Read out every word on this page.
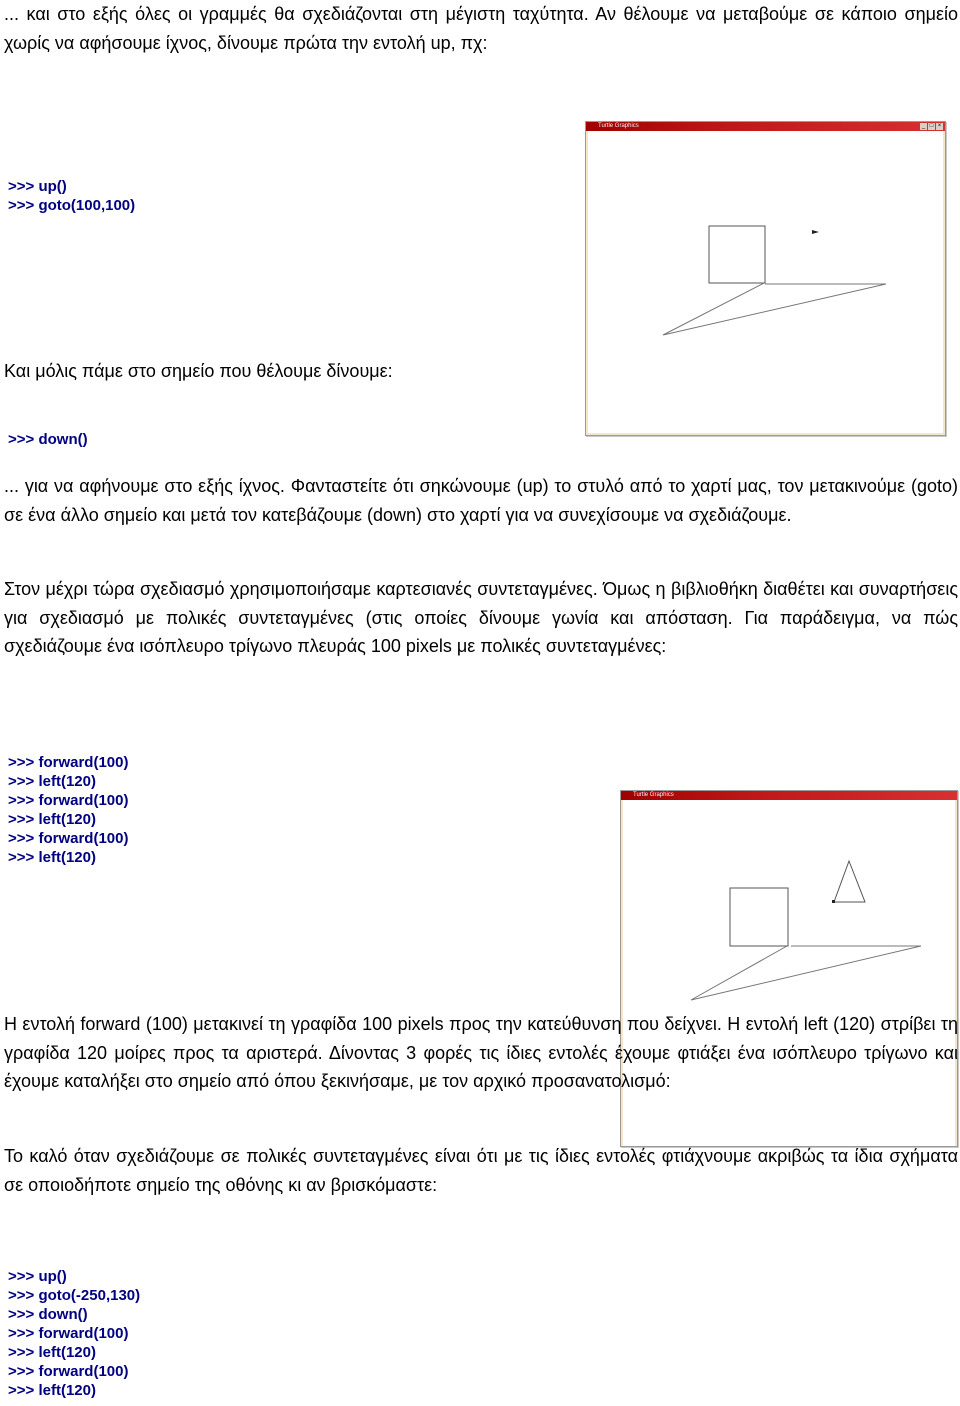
... και στο εξής όλες οι γραμμές θα σχεδιάζονται στη μέγιστη ταχύτητα. Αν θέλουμε να μεταβούμε σε κάποιο σημείο χωρίς να αφήσουμε ίχνος, δίνουμε πρώτα την εντολή up, πχ:
Turtle Graphics	_ □ ×
>>> up()
>>> goto(100,100)
Και μόλις πάμε στο σημείο που θέλουμε δίνουμε:
>>> down()
... για να αφήνουμε στο εξής ίχνος. Φανταστείτε ότι σηκώνουμε (up) το στυλό από το χαρτί μας, τον μετακινούμε (goto) σε ένα άλλο σημείο και μετά τον κατεβάζουμε (down) στο χαρτί για να συνεχίσουμε να σχεδιάζουμε.
Στον μέχρι τώρα σχεδιασμό χρησιμοποιήσαμε καρτεσιανές συντεταγμένες. Όμως η βιβλιοθήκη διαθέτει και συναρτήσεις για σχεδιασμό με πολικές συντεταγμένες (στις οποίες δίνουμε γωνία και απόσταση. Για παράδειγμα, να πώς σχεδιάζουμε ένα ισόπλευρο τρίγωνο πλευράς 100 pixels με πολικές συντεταγμένες:
>>> forward(100)
>>> left(120)
>>> forward(100)
>>> left(120)
>>> forward(100)
>>> left(120)
Turtle Graphics
Η εντολή forward (100) μετακινεί τη γραφίδα 100 pixels προς την κατεύθυνση που δείχνει. Η εντολή left (120) στρίβει τη γραφίδα 120 μοίρες προς τα αριστερά. Δίνοντας 3 φορές τις ίδιες εντολές έχουμε φτιάξει ένα ισόπλευρο τρίγωνο και έχουμε καταλήξει στο σημείο από όπου ξεκινήσαμε, με τον αρχικό προσανατολισμό:
Το καλό όταν σχεδιάζουμε σε πολικές συντεταγμένες είναι ότι με τις ίδιες εντολές φτιάχνουμε ακριβώς τα ίδια σχήματα σε οποιοδήποτε σημείο της οθόνης κι αν βρισκόμαστε:
>>> up()
>>> goto(-250,130)
>>> down()
>>> forward(100)
>>> left(120)
>>> forward(100)
>>> left(120)
